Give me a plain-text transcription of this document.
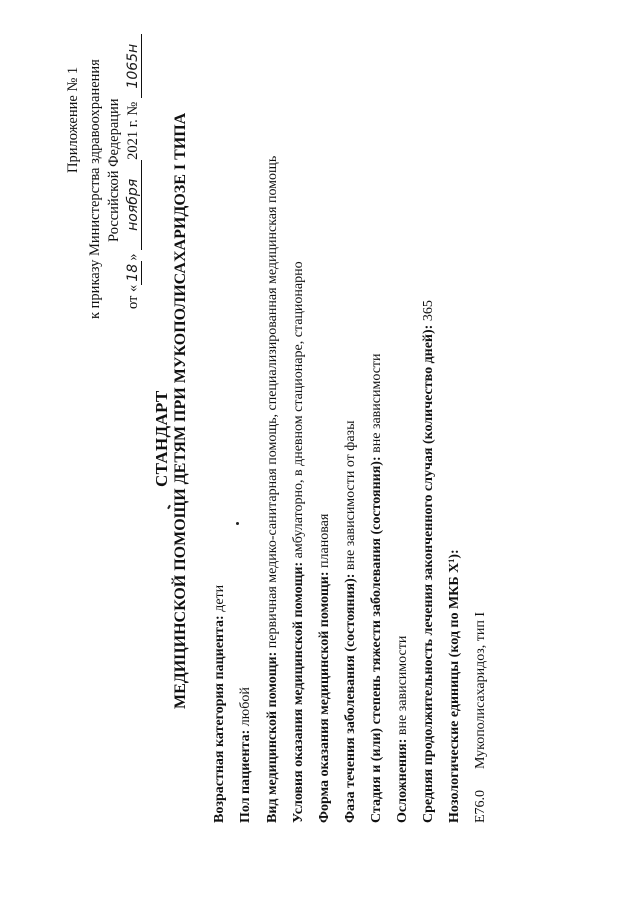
Приложение № 1 к приказу Министерства здравоохранения Российской Федерации
от «18» ноября2021 г. № 1065н
СТАНДАРТ МЕДИЦИНСКОЙ ПОМОЩИ ДЕТЯМ ПРИ МУКОПОЛИСАХАРИДОЗЕ I ТИПА
Возрастная категория пациента: дети
Пол пациента: любой Вид медицинской помощи: первичная медико-санитарная помощь, специализированная медицинская помощь
Условия оказания медицинской помощи: амбулаторно, в дневном стационаре, стационарно
Форма оказания медицинской помощи: плановая
Фаза течения заболевания (состояния): вне зависимости от фазы Стадия и (или) степень тяжести заболевания (состояния): вне зависимости
Осложнения: вне зависимости Средняя продолжительность лечения законченного случая (количество дней): 365
Нозологические единицы (код по МКБ X¹): E76.0
Мукополисахаридоз, тип I
